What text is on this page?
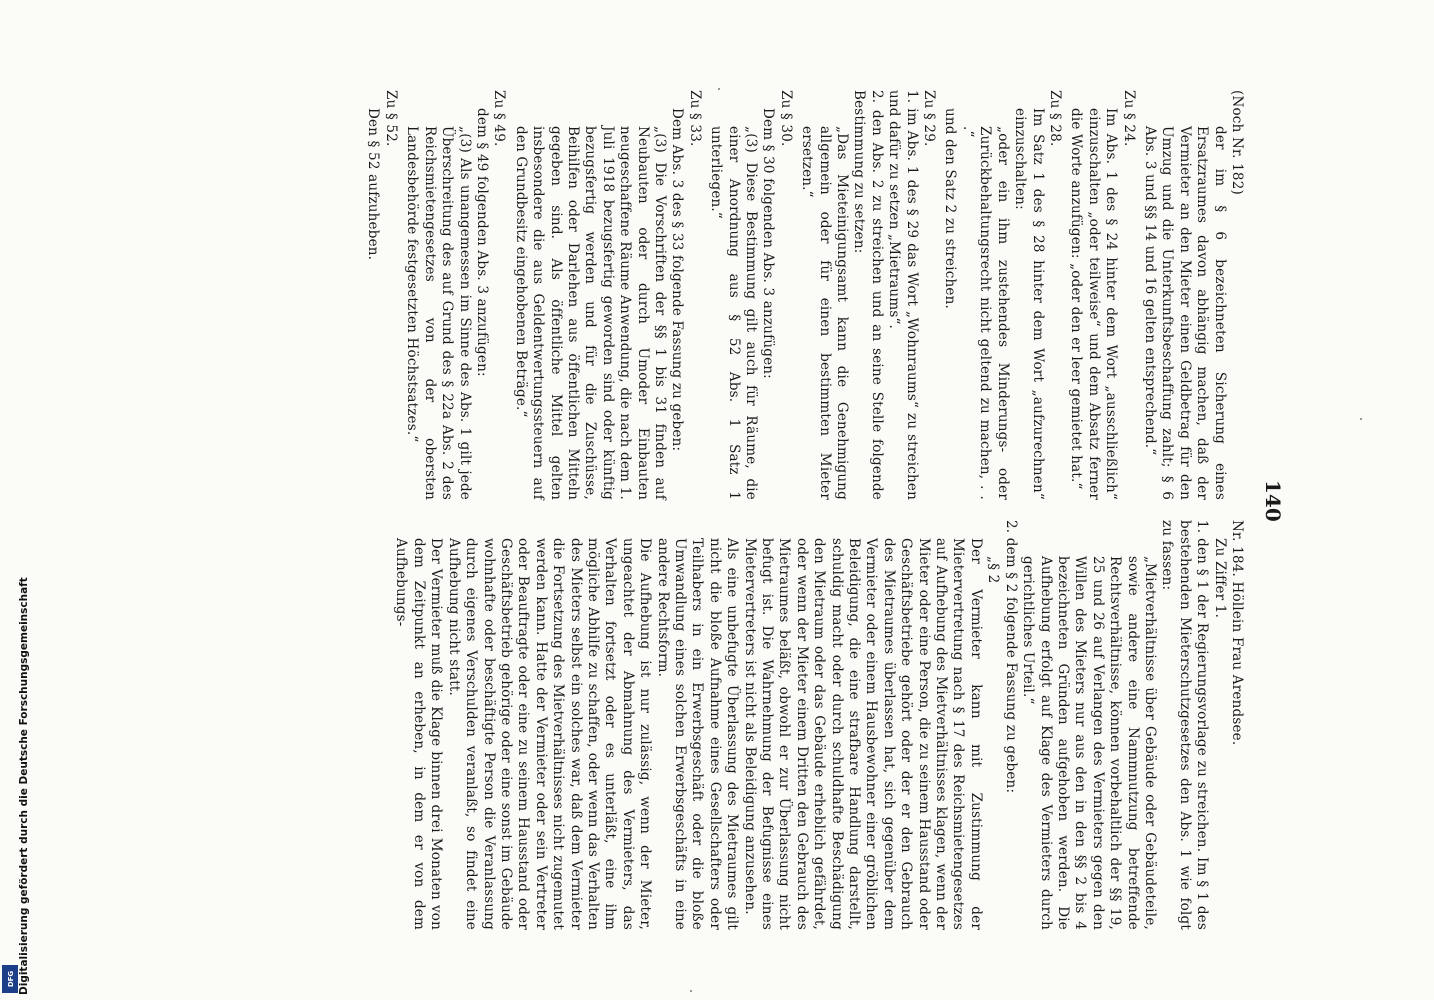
140

(Noch Nr. 182)

der im § 6 bezeichneten Sicherung eines Ersatzraumes davon abhängig machen, daß der Vermieter an den Mieter einen Geldbetrag für den Umzug und die Unterkunftsbeschaffung zahlt; § 6 Abs. 3 und §§ 14 und 16 gelten entsprechend.“

Zu § 24.

Im Abs. 1 des § 24 hinter dem Wort „ausschließlich“ einzuschalten „oder teilweise“ und dem Absatz ferner die Worte anzufügen: „oder den er leer gemietet hat.“

Zu § 28.

Im Satz 1 des § 28 hinter dem Wort „aufzurechnen“ einzuschalten:

„oder ein ihm zustehendes Minderungs- oder Zurückbehaltungsrecht nicht geltend zu machen, . . .“

und den Satz 2 zu streichen.

Zu § 29.

1. im Abs. 1 des § 29 das Wort „Wohnraums“ zu streichen und dafür zu setzen „Mietraums“.

2. den Abs. 2 zu streichen und an seine Stelle folgende Bestimmung zu setzen:

„Das Mieteinigungsamt kann die Genehmigung allgemein oder für einen bestimmten Mieter ersetzen.“

Zu § 30.

Dem § 30 folgenden Abs. 3 anzufügen:

„(3) Diese Bestimmung gilt auch für Räume, die einer Anordnung aus § 52 Abs. 1 Satz 1 unterliegen.“

Zu § 33.

Dem Abs. 3 des § 33 folgende Fassung zu geben:

„(3) Die Vorschriften der §§ 1 bis 31 finden auf Neubauten oder durch Umoder Einbauten neugeschaffene Räume Anwendung, die nach dem 1. Juli 1918 bezugsfertig geworden sind oder künftig bezugsfertig werden und für die Zuschüsse, Beihilfen oder Darlehen aus öffentlichen Mitteln gegeben sind. Als öffentliche Mittel gelten insbesondere die aus Geldentwertungssteuern auf den Grundbesitz eingehobenen Beträge.“

Zu § 49.

dem § 49 folgenden Abs. 3 anzufügen:

„(3) Als unangemessen im Sinne des Abs. 1 gilt jede Überschreitung des auf Grund des § 22a Abs. 2 des Reichsmietengesetzes von der obersten Landesbehörde festgesetzten Höchstsatzes.“

Zu § 52.

Den § 52 aufzuheben.

Nr. 184. Höllein Frau Arendsee.

Zu Ziffer 1.

1. den § 1 der Regierungsvorlage zu streichen. Im § 1 des bestehenden Mieterschutzgesetzes den Abs. 1 wie folgt zu fassen:

„Mietverhältnisse über Gebäude oder Gebäudeteile, sowie andere eine Nammnutzung betreffende Rechtsverhältnisse, können vorbehaltlich der §§ 19, 25 und 26 auf Verlangen des Vermieters gegen den Willen des Mieters nur aus den in den §§ 2 bis 4 bezeichneten Gründen aufgehoben werden. Die Aufhebung erfolgt auf Klage des Vermieters durch gerichtliches Urteil.“

2. dem § 2 folgende Fassung zu geben:

„§ 2

Der Vermieter kann mit Zustimmung der Mietervertretung nach § 17 des Reichsmietengesetzes auf Aufhebung des Mietverhältnisses klagen, wenn der Mieter oder eine Person, die zu seinem Hausstand oder Geschäftsbetriebe gehört oder der er den Gebrauch des Mietraumes überlassen hat, sich gegenüber dem Vermieter oder einem Hausbewohner einer gröblichen Beleidigung, die eine strafbare Handlung darstellt, schuldig macht oder durch schuldhafte Beschädigung den Mietraum oder das Gebäude erheblich gefährdet, oder wenn der Mieter einem Dritten den Gebrauch des Mietraumes beläßt, obwohl er zur Überlassung nicht befugt ist. Die Wahrnehmung der Befugnisse eines Mietervertreters ist nicht als Beleidigung anzusehen.

Als eine unbefugte Überlassung des Mietraumes gilt nicht die bloße Aufnahme eines Gesellschafters oder Teilhabers in ein Erwerbsgeschäft oder die bloße Umwandlung eines solchen Erwerbsgeschäfts in eine andere Rechtsform.

Die Aufhebung ist nur zulässig, wenn der Mieter, ungeachtet der Abmahnung des Vermieters, das Verhalten fortsetzt oder es unterläßt, eine ihm mögliche Abhilfe zu schaffen, oder wenn das Verhalten des Mieters selbst ein solches war, daß dem Vermieter die Fortsetzung des Mietverhältnisses nicht zugemutet werden kann. Hatte der Vermieter oder sein Vertreter oder Beauftragte oder eine zu seinem Hausstand oder Geschäftsbetrieb gehörige oder eine sonst im Gebäude wohnhafte oder beschäftigte Person die Veranlassung durch eigenes Verschulden veranlaßt, so findet eine Aufhebung nicht statt.

Der Vermieter muß die Klage binnen drei Monaten von dem Zeitpunkt an erheben, in dem er von dem Aufhebungs-

Digitalisierung gefördert durch die Deutsche Forschungsgemeinschaft
DFG
